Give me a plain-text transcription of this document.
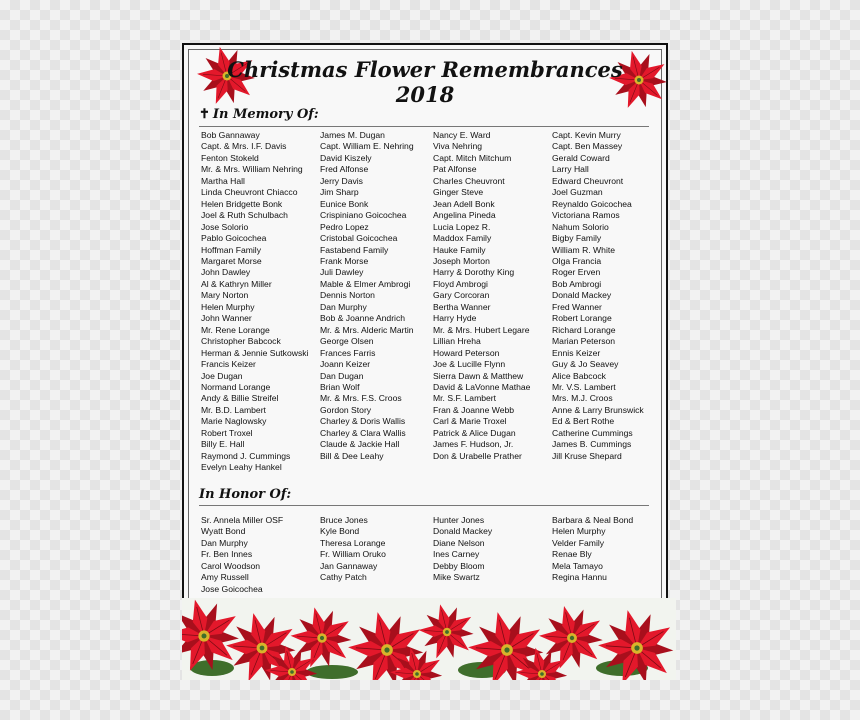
Christmas Flower Remembrances
2018
✝ In Memory Of:
Bob Gannaway
Capt. & Mrs. I.F. Davis
Fenton Stokeld
Mr. & Mrs. William Nehring
Martha Hall
Linda Cheuvront Chiacco
Helen Bridgette Bonk
Joel & Ruth Schulbach
Jose Solorio
Pablo Goicochea
Hoffman Family
Margaret Morse
John Dawley
Al & Kathryn Miller
Mary Norton
Helen Murphy
John Wanner
Mr. Rene Lorange
Christopher Babcock
Herman & Jennie Sutkowski
Francis Keizer
Joe Dugan
Normand Lorange
Andy & Billie Streifel
Mr. B.D. Lambert
Marie Naglowsky
Robert Troxel
Billy E. Hall
Raymond J. Cummings
Evelyn Leahy Hankel
James M. Dugan
Capt. William E. Nehring
David Kiszely
Fred Alfonse
Jerry Davis
Jim Sharp
Eunice Bonk
Crispiniano Goicochea
Pedro Lopez
Cristobal Goicochea
Fastabend Family
Frank Morse
Juli Dawley
Mable & Elmer Ambrogi
Dennis Norton
Dan Murphy
Bob & Joanne Andrich
Mr. & Mrs. Alderic Martin
George Olsen
Frances Farris
Joann Keizer
Dan Dugan
Brian Wolf
Mr. & Mrs. F.S. Croos
Gordon Story
Charley & Doris Wallis
Charley & Clara Wallis
Claude & Jackie Hall
Bill & Dee Leahy
Nancy E. Ward
Viva Nehring
Capt. Mitch Mitchum
Pat Alfonse
Charles Cheuvront
Ginger Steve
Jean Adell Bonk
Angelina Pineda
Lucia Lopez R.
Maddox Family
Hauke Family
Joseph Morton
Harry & Dorothy King
Floyd Ambrogi
Gary Corcoran
Bertha Wanner
Harry Hyde
Mr. & Mrs. Hubert Legare
Lillian Hreha
Howard Peterson
Joe & Lucille Flynn
Sierra Dawn & Matthew
David & LaVonne Mathae
Mr. S.F. Lambert
Fran & Joanne Webb
Carl & Marie Troxel
Patrick & Alice Dugan
James F. Hudson, Jr.
Don & Urabelle Prather
Capt. Kevin Murry
Capt. Ben Massey
Gerald Coward
Larry Hall
Edward Cheuvront
Joel Guzman
Reynaldo Goicochea
Victoriana Ramos
Nahum Solorio
Bigby Family
William R. White
Olga Francia
Roger Erven
Bob Ambrogi
Donald Mackey
Fred Wanner
Robert Lorange
Richard Lorange
Marian Peterson
Ennis Keizer
Guy & Jo Seavey
Alice Babcock
Mr. V.S. Lambert
Mrs. M.J. Croos
Anne & Larry Brunswick
Ed & Bert Rothe
Catherine Cummings
James B. Cummings
Jill Kruse Shepard
In Honor Of:
Sr. Annela Miller OSF
Wyatt Bond
Dan Murphy
Fr. Ben Innes
Carol Woodson
Amy Russell
Jose Goicochea
Bruce Jones
Kyle Bond
Theresa Lorange
Fr. William Oruko
Jan Gannaway
Cathy Patch
Hunter Jones
Donald Mackey
Diane Nelson
Ines Carney
Debby Bloom
Mike Swartz
Barbara & Neal Bond
Helen Murphy
Velder Family
Renae Bly
Mela Tamayo
Regina Hannu
